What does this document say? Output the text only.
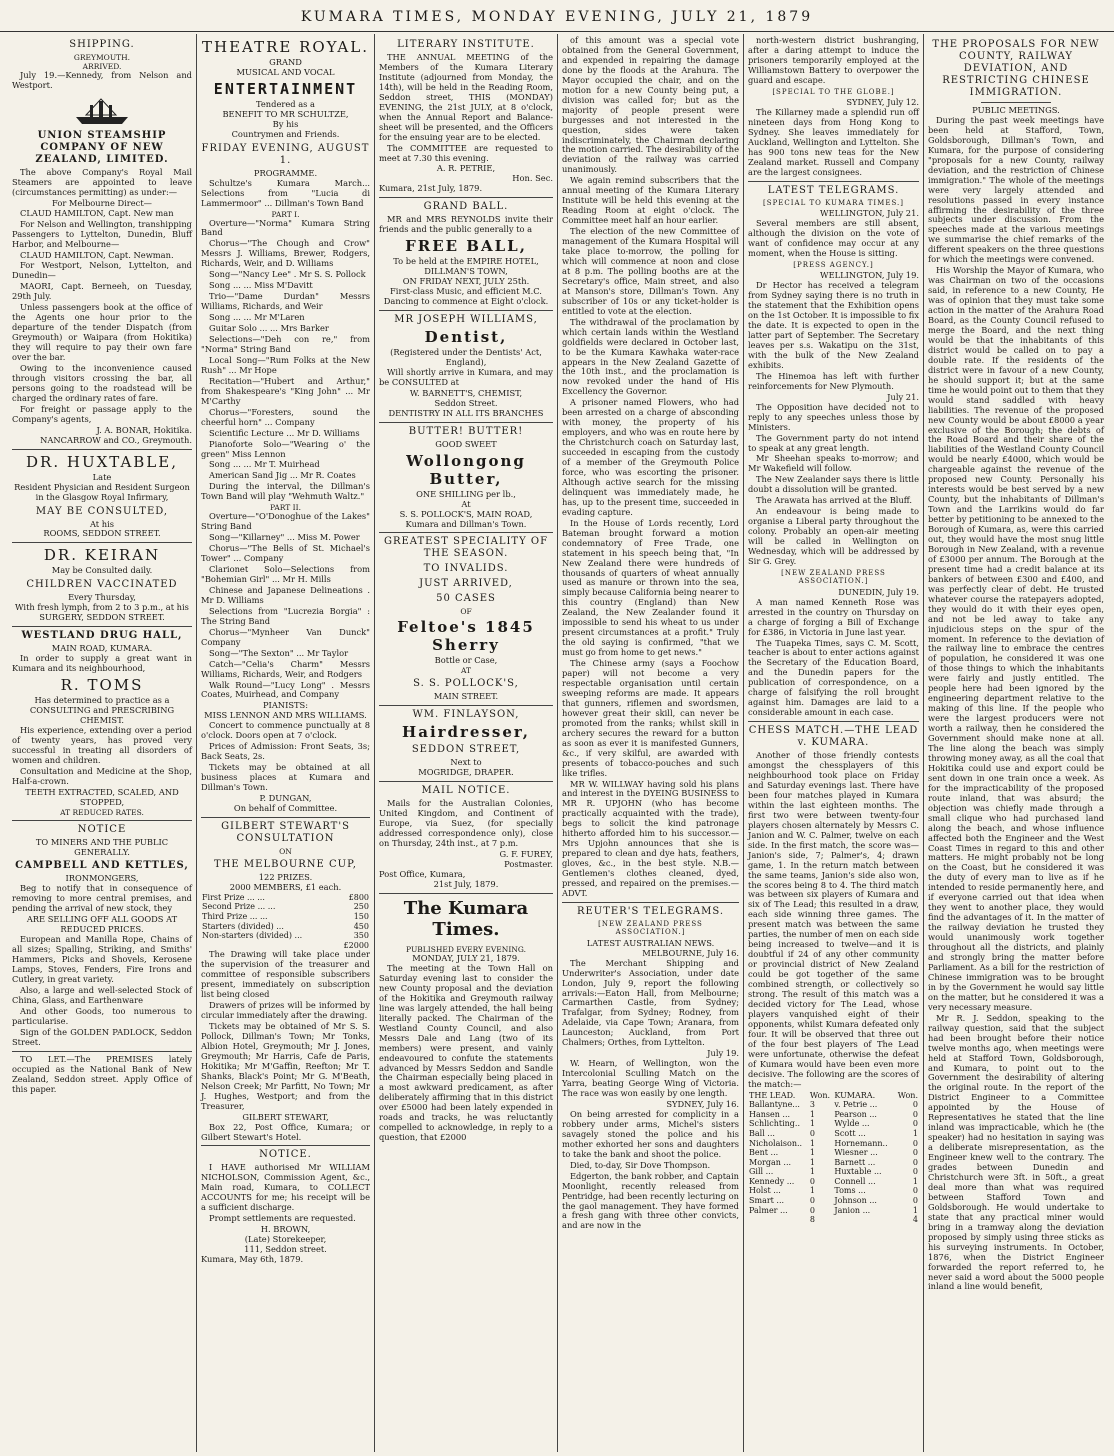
KUMARA TIMES, MONDAY EVENING, JULY 21, 1879
SHIPPING.
GREYMOUTH.
ARRIVED.

July 19.—Kennedy, from Nelson and Westport.

UNION STEAMSHIP COMPANY OF NEW ZEALAND, LIMITED.

The above Company's Royal Mail Steamers are appointed to leave (circumstances permitting) as under:—

For Melbourne Direct—

CLAUD HAMILTON, Capt. New man

For Nelson and Wellington, transhipping Passengers to Lyttelton, Dunedin, Bluff Harbor, and Melbourne—

CLAUD HAMILTON, Capt. Newman.

For Westport, Nelson, Lyttelton, and Dunedin—

MAORI, Capt. Berneeh, on Tuesday, 29th July.

Unless passengers book at the office of the Agents one hour prior to the departure of the tender Dispatch (from Greymouth) or Waipara (from Hokitika) they will require to pay their own fare over the bar.

Owing to the inconvenience caused through visitors crossing the bar, all persons going to the roadstead will be charged the ordinary rates of fare.

For freight or passage apply to the Company's agents,

J. A. BONAR, Hokitika.
NANCARROW and CO., Greymouth.
DR. HUXTABLE,
Late
Resident Physician and Resident Surgeon in the Glasgow Royal Infirmary,
MAY BE CONSULTED,
At his
ROOMS, SEDDON STREET.
DR. KEIRAN
May be Consulted daily.
CHILDREN VACCINATED
Every Thursday,
With fresh lymph, from 2 to 3 p.m., at his
SURGERY, SEDDON STREET.
WESTLAND DRUG HALL,
MAIN ROAD, KUMARA.

In order to supply a great want in Kumara and its neighbourhood,

R. TOMS
Has determined to practice as a
CONSULTING and PRESCRIBING CHEMIST.

His experience, extending over a period of twenty years, has proved very successful in treating all disorders of women and children.

Consultation and Medicine at the Shop, Half-a-crown.

TEETH EXTRACTED, SCALED, AND STOPPED,
AT REDUCED RATES.
NOTICE
TO MINERS AND THE PUBLIC GENERALLY.
CAMPBELL AND KETTLES,
IRONMONGERS,

Beg to notify that in consequence of removing to more central premises, and pending the arrival of new stock, they

ARE SELLING OFF ALL GOODS AT REDUCED PRICES.

European and Manilla Rope, Chains of all sizes; Spalling, Striking, and Smiths' Hammers, Picks and Shovels, Kerosene Lamps, Stoves, Fenders, Fire Irons and Cutlery, in great variety.

Also, a large and well-selected Stock of China, Glass, and Earthenware

And other Goods, too numerous to particularise.

Sign of the GOLDEN PADLOCK, Seddon Street.

TO LET.—The PREMISES lately occupied as the National Bank of New Zealand, Seddon street. Apply Office of this paper.

THEATRE ROYAL.
GRAND
MUSICAL AND VOCAL
ENTERTAINMENT
Tendered as a
BENEFIT TO MR SCHULTZE,
By his
Countrymen and Friends.
FRIDAY EVENING, AUGUST 1.
PROGRAMME.

Schultze's Kumara March... Selections from "Lucia di Lammermoor" ... Dillman's Town Band

PART I.

Overture—"Norma" Kumara String Band

Chorus—"The Chough and Crow" Messrs J. Williams, Brewer, Rodgers, Richards, Weir, and D. Williams

Song—"Nancy Lee" . Mr S. S. Pollock

Song ... ... Miss M'Davitt

Trio—"Dame Durdan" Messrs Williams, Richards, and Weir

Song ... ... Mr M'Laren

Guitar Solo ... ... Mrs Barker

Selections—"Deh con re," from "Norma" String Band

Local Song—"Rum Folks at the New Rush" ... Mr Hope

Recitation—"Hubert and Arthur," from Shakespeare's "King John" ... Mr M'Carthy

Chorus—"Foresters, sound the cheerful horn" ... Company

Scientific Lecture ... Mr D. Williams

Pianoforte Solo—"Wearing o' the green" Miss Lennon

Song ... ... Mr T. Muirhead

American Sand Jig ... Mr R. Coates

During the interval, the Dillman's Town Band will play "Wehmuth Waltz."

PART II.

Overture—"O'Donoghue of the Lakes" String Band

Song—"Killarney" ... Miss M. Power

Chorus—"The Bells of St. Michael's Tower" ... Company

Clarionet Solo—Selections from "Bohemian Girl" ... Mr H. Mills

Chinese and Japanese Delineations . Mr D. Williams

Selections from "Lucrezia Borgia" : The String Band

Chorus—"Mynheer Van Dunck" Company

Song—"The Sexton" ... Mr Taylor

Catch—"Celia's Charm" Messrs Williams, Richards, Weir, and Rodgers

Walk Round—"Lucy Long" . Messrs Coates, Muirhead, and Company

PIANISTS:
MISS LENNON AND MRS WILLIAMS.

Concert to commence punctually at 8 o'clock. Doors open at 7 o'clock.

Prices of Admission: Front Seats, 3s; Back Seats, 2s.

Tickets may be obtained at all business places at Kumara and Dillman's Town.

P. DUNGAN,
On behalf of Committee.
GILBERT STEWART'S CONSULTATION
ON
THE MELBOURNE CUP,
122 PRIZES.
2000 MEMBERS, £1 each.
First Prize ... ...	£800
Second Prize ... ...	250
Third Prize ... ...	150
Starters (divided) ...	450
Non-starters (divided) ...	350
	£2000

The Drawing will take place under the supervision of the treasurer and committee of responsible subscribers present, immediately on subscription list being closed

Drawers of prizes will be informed by circular immediately after the drawing.

Tickets may be obtained of Mr S. S. Pollock, Dillman's Town; Mr Tonks, Albion Hotel, Greymouth; Mr J. Jones, Greymouth; Mr Harris, Cafe de Paris, Hokitika; Mr M'Gaffin, Reefton; Mr T. Shanks, Black's Point; Mr G. M'Beath, Nelson Creek; Mr Parfitt, No Town; Mr J. Hughes, Westport; and from the Treasurer,

GILBERT STEWART,

Box 22, Post Office, Kumara; or Gilbert Stewart's Hotel.

NOTICE.

I HAVE authorised Mr WILLIAM NICHOLSON, Commission Agent, &c., Main road, Kumara, to COLLECT ACCOUNTS for me; his receipt will be a sufficient discharge.

Prompt settlements are requested.

H. BROWN,
(Late) Storekeeper,
111, Seddon street.
Kumara, May 6th, 1879.
LITERARY INSTITUTE.

THE ANNUAL MEETING of the Members of the Kumara Literary Institute (adjourned from Monday, the 14th), will be held in the Reading Room, Seddon street, THIS (MONDAY) EVENING, the 21st JULY, at 8 o'clock, when the Annual Report and Balance-sheet will be presented, and the Officers for the ensuing year are to be elected.

The COMMITTEE are requested to meet at 7.30 this evening.

A. R. PETRIE,
Hon. Sec.
Kumara, 21st July, 1879.
GRAND BALL.

MR and MRS REYNOLDS invite their friends and the public generally to a

FREE BALL,
To be held at the EMPIRE HOTEL,
DILLMAN'S TOWN,
ON FRIDAY NEXT, JULY 25th.
First-class Music, and efficient M.C.
Dancing to commence at Eight o'clock.
MR JOSEPH WILLIAMS,
Dentist,
(Registered under the Dentists' Act, England),

Will shortly arrive in Kumara, and may be CONSULTED at

W. BARNETT'S, CHEMIST,
Seddon Street.
DENTISTRY IN ALL ITS BRANCHES
BUTTER! BUTTER!
GOOD SWEET
Wollongong Butter,
ONE SHILLING per lb.,
At
S. S. POLLOCK'S, MAIN ROAD,
Kumara and Dillman's Town.
GREATEST SPECIALITY OF THE SEASON.
TO INVALIDS.
JUST ARRIVED,
50 CASES
OF
Feltoe's 1845 Sherry
Bottle or Case,
AT
S. S. POLLOCK'S,
MAIN STREET.
WM. FINLAYSON,
Hairdresser,
SEDDON STREET,
Next to
MOGRIDGE, DRAPER.
MAIL NOTICE.

Mails for the Australian Colonies, United Kingdom, and Continent of Europe, via Suez, (for specially addressed correspondence only), close on Thursday, 24th inst., at 7 p.m.

G. F. FUREY,
Postmaster.
Post Office, Kumara,
21st July, 1879.
The Kumara Times.
PUBLISHED EVERY EVENING.
MONDAY, JULY 21, 1879.

The meeting at the Town Hall on Saturday evening last to consider the new County proposal and the deviation of the Hokitika and Greymouth railway line was largely attended, the hall being literally packed. The Chairman of the Westland County Council, and also Messrs Dale and Lang (two of its members) were present, and vainly endeavoured to confute the statements advanced by Messrs Seddon and Sandle the Chairman especially being placed in a most awkward predicament, as after deliberately affirming that in this district over £5000 had been lately expended in roads and tracks, he was reluctantly compelled to acknowledge, in reply to a question, that £2000

of this amount was a special vote obtained from the General Government, and expended in repairing the damage done by the floods at the Arahura. The Mayor occupied the chair, and on the motion for a new County being put, a division was called for; but as the majority of people present were burgesses and not interested in the question, sides were taken indiscriminately, the Chairman declaring the motion carried. The desirability of the deviation of the railway was carried unanimously.

We again remind subscribers that the annual meeting of the Kumara Literary Institute will be held this evening at the Reading Room at eight o'clock. The Committee meet half an hour earlier.

The election of the new Committee of management of the Kumara Hospital will take place to-morrow, the polling for which will commence at noon and close at 8 p.m. The polling booths are at the Secretary's office, Main street, and also at Manson's store, Dillman's Town. Any subscriber of 10s or any ticket-holder is entitled to vote at the election.

The withdrawal of the proclamation by which certain lands within the Westland goldfields were declared in October last, to be the Kumara Kawhaka water-race appears in the New Zealand Gazette of the 10th inst., and the proclamation is now revoked under the hand of His Excellency the Governor.

A prisoner named Flowers, who had been arrested on a charge of absconding with money, the property of his employers, and who was en route here by the Christchurch coach on Saturday last, succeeded in escaping from the custody of a member of the Greymouth Police force, who was escorting the prisoner. Although active search for the missing delinquent was immediately made, he has, up to the present time, succeeded in evading capture.

In the House of Lords recently, Lord Bateman brought forward a motion condemnatory of Free Trade, one statement in his speech being that, "In New Zealand there were hundreds of thousands of quarters of wheat annually used as manure or thrown into the sea, simply because California being nearer to this country (England) than New Zealand, the New Zealander found it impossible to send his wheat to us under present circumstances at a profit." Truly the old saying is confirmed, "that we must go from home to get news."

The Chinese army (says a Foochow paper) will not become a very respectable organisation until certain sweeping reforms are made. It appears that gunners, riflemen and swordsmen, however great their skill, can never be promoted from the ranks; whilst skill in archery secures the reward for a button as soon as ever it is manifested Gunners, &c., if very skilful, are awarded with presents of tobacco-pouches and such like trifles.

MR W. WILLWAY having sold his plans and interest in the DYEING BUSINESS to MR R. UPJOHN (who has become practically acquainted with the trade), begs to solicit the kind patronage hitherto afforded him to his successor.—Mrs Upjohn announces that she is prepared to clean and dye hats, feathers, gloves, &c., in the best style. N.B.—Gentlemen's clothes cleaned, dyed, pressed, and repaired on the premises.—ADVT.

REUTER'S TELEGRAMS.
[NEW ZEALAND PRESS ASSOCIATION.]
LATEST AUSTRALIAN NEWS.
MELBOURNE, July 16.

The Merchant Shipping and Underwriter's Association, under date London, July 9, report the following arrivals:—Eaton Hall, from Melbourne; Carmarthen Castle, from Sydney; Trafalgar, from Sydney; Rodney, from Adelaide, via Cape Town; Aranara, from Launceston; Auckland, from Port Chalmers; Orthes, from Lyttelton.

July 19.

W. Hearn, of Wellington, won the Intercolonial Sculling Match on the Yarra, beating George Wing of Victoria. The race was won easily by one length.

SYDNEY, July 16.

On being arrested for complicity in a robbery under arms, Michel's sisters savagely stoned the police and his mother exhorted her sons and daughters to take the bank and shoot the police.

Died, to-day, Sir Dove Thompson.

Edgerton, the bank robber, and Captain Moonlight, recently released from Pentridge, had been recently lecturing on the gaol management. They have formed a fresh gang with three other convicts, and are now in the

north-western district bushranging, after a daring attempt to induce the prisoners temporarily employed at the Williamstown Battery to overpower the guard and escape.

[SPECIAL TO THE GLOBE.]
SYDNEY, July 12.

The Killarney made a splendid run off nineteen days from Hong Kong to Sydney. She leaves immediately for Auckland, Wellington and Lyttelton. She has 900 tons new teas for the New Zealand market. Russell and Company are the largest consignees.

LATEST TELEGRAMS.
[SPECIAL TO KUMARA TIMES.]
WELLINGTON, July 21.

Several members are still absent, although the division on the vote of want of confidence may occur at any moment, when the House is sitting.

[PRESS AGENCY.]
WELLINGTON, July 19.

Dr Hector has received a telegram from Sydney saying there is no truth in the statement that the Exhibition opens on the 1st October. It is impossible to fix the date. It is expected to open in the latter part of September. The Secretary leaves per s.s. Wakatipu on the 31st, with the bulk of the New Zealand exhibits.

The Hinemoa has left with further reinforcements for New Plymouth.

July 21.

The Opposition have decided not to reply to any speeches unless those by Ministers.

The Government party do not intend to speak at any great length.

Mr Sheehan speaks to-morrow; and Mr Wakefield will follow.

The New Zealander says there is little doubt a dissolution will be granted.

The Arawata has arrived at the Bluff.

An endeavour is being made to organise a Liberal party throughout the colony. Probably an open-air meeting will be called in Wellington on Wednesday, which will be addressed by Sir G. Grey.

[NEW ZEALAND PRESS ASSOCIATION.]
DUNEDIN, July 19.

A man named Kenneth Rose was arrested in the country on Thursday on a charge of forging a Bill of Exchange for £386, in Victoria in June last year.

The Tuapeka Times, says C. M. Scott, teacher is about to enter actions against the Secretary of the Education Board, and the Dunedin papers for the publication of correspondence, on a charge of falsifying the roll brought against him. Damages are laid to a considerable amount in each case.

CHESS MATCH.—THE LEAD v. KUMARA.

Another of those friendly contests amongst the chessplayers of this neighbourhood took place on Friday and Saturday evenings last. There have been four matches played in Kumara within the last eighteen months. The first two were between twenty-four players chosen alternately by Messrs C. Janion and W. C. Palmer, twelve on each side. In the first match, the score was—Janion's side, 7; Palmer's, 4; drawn game, 1. In the return match between the same teams, Janion's side also won, the scores being 8 to 4. The third match was between six players of Kumara and six of The Lead; this resulted in a draw, each side winning three games. The present match was between the same parties, the number of men on each side being increased to twelve—and it is doubtful if 24 of any other community or provincial district of New Zealand could be got together of the same combined strength, or collectively so strong. The result of this match was a decided victory for The Lead, whose players vanquished eight of their opponents, whilst Kumara defeated only four. It will be observed that three out of the four best players of The Lead were unfortunate, otherwise the defeat of Kumara would have been even more decisive. The following are the scores of the match:—

THE LEAD.	Won.	KUMARA.	Won.
Ballantyne...	3	v. Petrie ...	0
Hansen ...	1	Pearson ...	0
Schlichting..	1	Wylde ...	0
Ball ...	0	Scott ...	1
Nicholaison..	1	Hornemann..	0
Bent ...	1	Wiesner ...	0
Morgan ...	1	Barnett ...	0
Gill ...	1	Huxtable ...	0
Kennedy ...	0	Connell ...	1
Holst ...	1	Toms ...	0
Smart ...	0	Johnson ...	0
Palmer ...	0	Janion ...	1
	8		4
THE PROPOSALS FOR NEW COUNTY, RAILWAY DEVIATION, AND RESTRICTING CHINESE IMMIGRATION.
PUBLIC MEETINGS.

During the past week meetings have been held at Stafford, Town, Goldsborough, Dillman's Town, and Kumara, for the purpose of considering "proposals for a new County, railway deviation, and the restriction of Chinese immigration." The whole of the meetings were very largely attended and resolutions passed in every instance affirming the desirability of the three subjects under discussion. From the speeches made at the various meetings we summarise the chief remarks of the different speakers on the three questions for which the meetings were convened.

His Worship the Mayor of Kumara, who was Chairman on two of the occasions said, in reference to a new County, He was of opinion that they must take some action in the matter of the Arahura Road Board, as the County Council refused to merge the Board, and the next thing would be that the inhabitants of this district would be called on to pay a double rate. If the residents of the district were in favour of a new County, he should support it; but at the same time he would point out to them that they would stand saddled with heavy liabilities. The revenue of the proposed new County would be about £8000 a year exclusive of the Borough; the debts of the Road Board and their share of the liabilities of the Westland County Council would be nearly £4000, which would be chargeable against the revenue of the proposed new County. Personally his interests would be best served by a new County, but the inhabitants of Dillman's Town and the Larrikins would do far better by petitioning to be annexed to the Borough of Kumara, as, were this carried out, they would have the most snug little Borough in New Zealand, with a revenue of £3000 per annum. The Borough at the present time had a credit balance at its bankers of between £300 and £400, and was perfectly clear of debt. He trusted whatever course the ratepayers adopted, they would do it with their eyes open, and not be led away to take any injudicious steps on the spur of the moment. In reference to the deviation of the railway line to embrace the centres of population, he considered it was one of those things to which the inhabitants were fairly and justly entitled. The people here had been ignored by the engineering department relative to the making of this line. If the people who were the largest producers were not worth a railway, then he considered the Government should make none at all. The line along the beach was simply throwing money away, as all the coal that Hokitika could use and export could be sent down in one train once a week. As for the impracticability of the proposed route inland, that was absurd; the objection was chiefly made through a small clique who had purchased land along the beach, and whose influence affected both the Engineer and the West Coast Times in regard to this and other matters. He might probably not be long on the Coast, but he considered it was the duty of every man to live as if he intended to reside permanently here, and if everyone carried out that idea when they went to another place, they would find the advantages of it. In the matter of the railway deviation he trusted they would unanimously work together throughout all the districts, and plainly and strongly bring the matter before Parliament. As a bill for the restriction of Chinese immigration was to be brought in by the Government he would say little on the matter, but he considered it was a very necessary measure.

Mr R. J. Seddon, speaking to the railway question, said that the subject had been brought before their notice twelve months ago, when meetings were held at Stafford Town, Goldsborough, and Kumara, to point out to the Government the desirability of altering the original route. In the report of the District Engineer to a Committee appointed by the House of Representatives he stated that the line inland was impracticable, which he (the speaker) had no hesitation in saying was a deliberate misrepresentation, as the Engineer knew well to the contrary. The grades between Dunedin and Christchurch were 3ft. in 50ft., a great deal more than what was required between Stafford Town and Goldsborough. He would undertake to state that any practical miner would bring in a tramway along the deviation proposed by simply using three sticks as his surveying instruments. In October, 1876, when the District Engineer forwarded the report referred to, he never said a word about the 5000 people inland a line would benefit,
